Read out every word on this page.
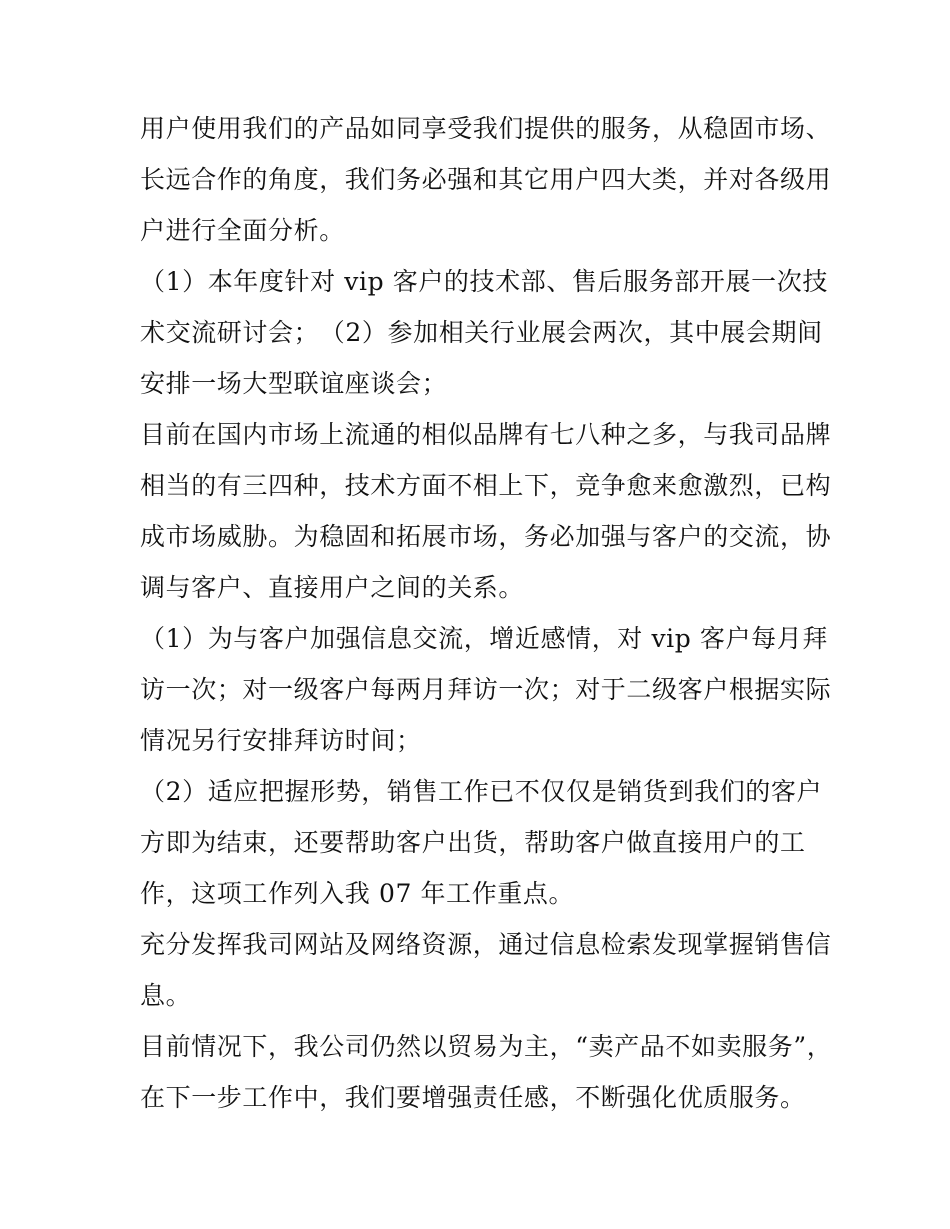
用户使用我们的产品如同享受我们提供的服务，从稳固市场、
长远合作的角度，我们务必强和其它用户四大类，并对各级用
户进行全面分析。
（1）本年度针对 vip 客户的技术部、售后服务部开展一次技
术交流研讨会；　（2）参加相关行业展会两次，其中展会期间
安排一场大型联谊座谈会；
目前在国内市场上流通的相似品牌有七八种之多，与我司品牌
相当的有三四种，技术方面不相上下，竞争愈来愈激烈，已构
成市场威胁。为稳固和拓展市场，务必加强与客户的交流，协
调与客户、直接用户之间的关系。
（1）为与客户加强信息交流，增近感情，对 vip 客户每月拜
访一次；对一级客户每两月拜访一次；对于二级客户根据实际
情况另行安排拜访时间；
（2）适应把握形势，销售工作已不仅仅是销货到我们的客户
方即为结束，还要帮助客户出货，帮助客户做直接用户的工
作，这项工作列入我 07 年工作重点。
充分发挥我司网站及网络资源，通过信息检索发现掌握销售信
息。
目前情况下，我公司仍然以贸易为主，“卖产品不如卖服务”，
在下一步工作中，我们要增强责任感，不断强化优质服务。
